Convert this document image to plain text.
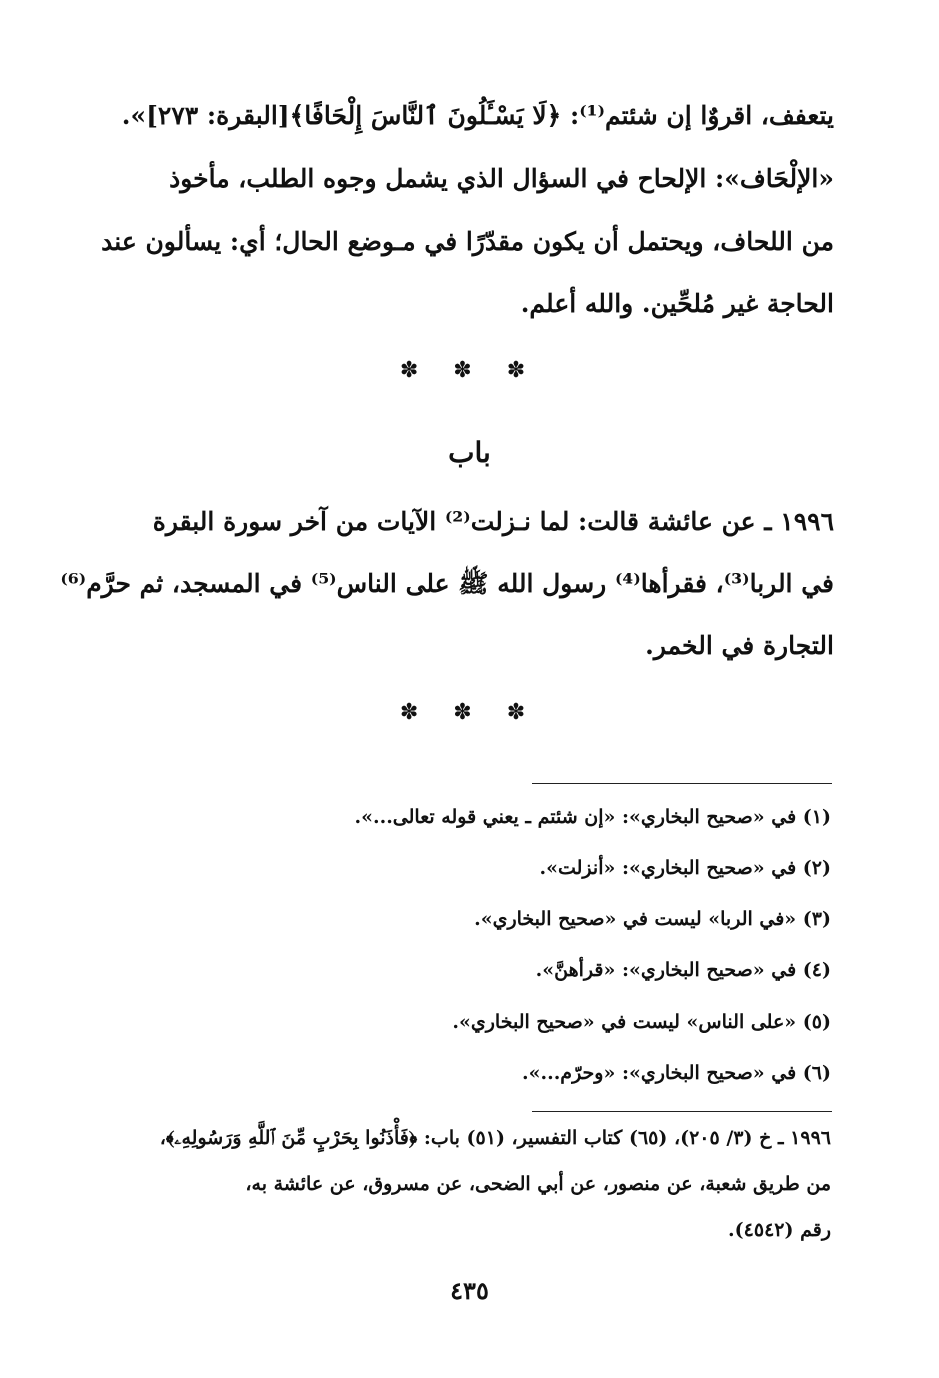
يتعفف، اقروٌا إن شئتم⁽¹⁾: ﴿لَا يَسْـَٔلُونَ ٱلنَّاسَ إِلْحَافًا﴾[البقرة: ٢٧٣]».
«الإلْحَاف»: الإلحاح في السؤال الذي يشمل وجوه الطلب، مأخوذ
من اللحاف، ويحتمل أن يكون مقدّرًا في مـوضع الحال؛ أي: يسألون عند
الحاجة غير مُلحِّين. والله أعلم.
✽ ✽ ✽
باب
١٩٩٦ ـ عن عائشة قالت: لما نـزلت⁽²⁾ الآيات من آخر سورة البقرة
في الربا⁽³⁾، فقرأها⁽⁴⁾ رسول الله ﷺ على الناس⁽⁵⁾ في المسجد، ثم حرَّم⁽⁶⁾
التجارة في الخمر.
✽ ✽ ✽
(١) في «صحيح البخاري»: «إن شئتم ـ يعني قوله تعالى...».
(٢) في «صحيح البخاري»: «أنزلت».
(٣) «في الربا» ليست في «صحيح البخاري».
(٤) في «صحيح البخاري»: «قرأهنَّ».
(٥) «على الناس» ليست في «صحيح البخاري».
(٦) في «صحيح البخاري»: «وحرّم...».
١٩٩٦ ـ خ (٣/ ٢٠٥)، (٦٥) كتاب التفسير، (٥١) باب: ﴿فَأْذَنُوا بِحَرْبٍ مِّنَ ٱللَّهِ وَرَسُولِهِۦ﴾،
من طريق شعبة، عن منصور، عن أبي الضحى، عن مسروق، عن عائشة به،
رقم (٤٥٤٢).
٤٣٥
